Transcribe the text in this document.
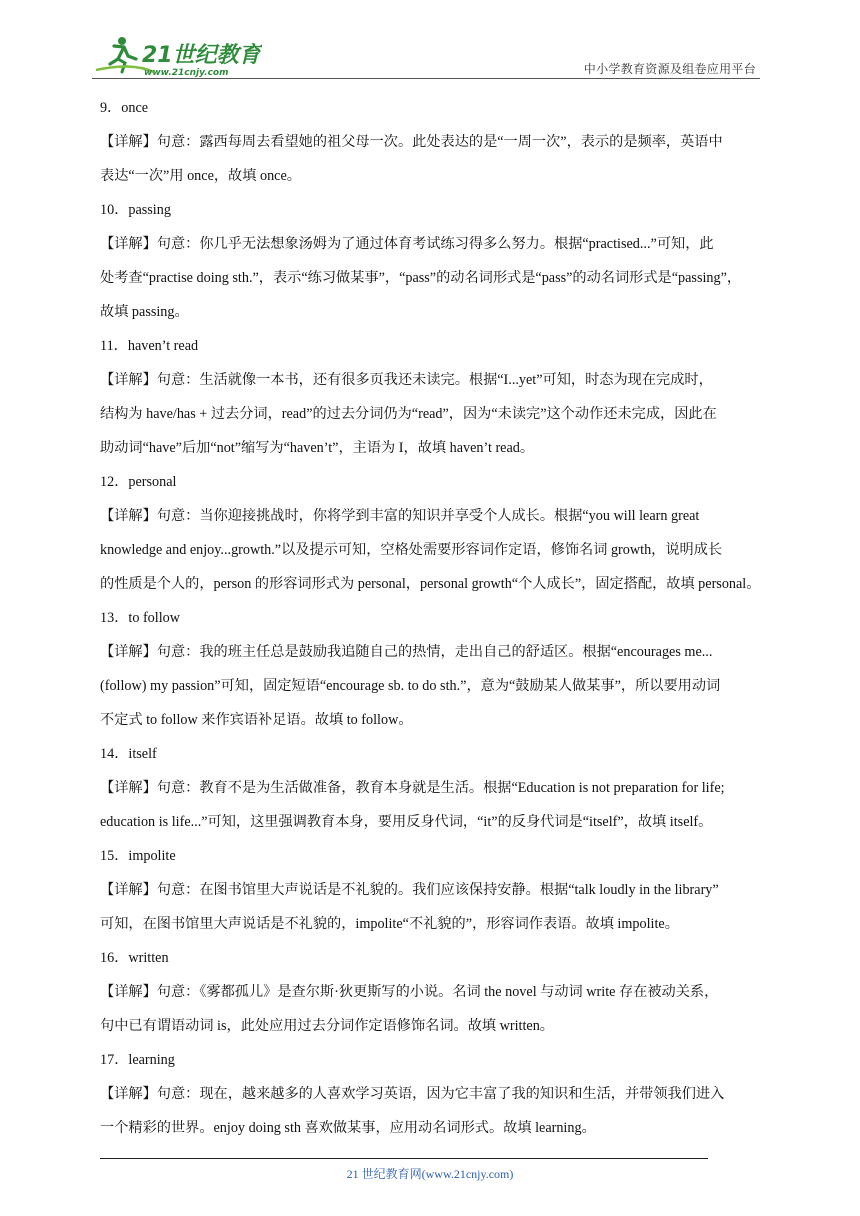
21世纪教育
www.21cnjy.com	中小学教育资源及组卷应用平台
9．once
【详解】句意：露西每周去看望她的祖父母一次。此处表达的是“一周一次”，表示的是频率，英语中
表达“一次”用 once，故填 once。
10．passing
【详解】句意：你几乎无法想象汤姆为了通过体育考试练习得多么努力。根据“practised...”可知，此
处考查“practise doing sth.”，表示“练习做某事”，“pass”的动名词形式是“pass”的动名词形式是“passing”，
故填 passing。
11．haven’t read
【详解】句意：生活就像一本书，还有很多页我还未读完。根据“I...yet”可知，时态为现在完成时，
结构为 have/has + 过去分词，read”的过去分词仍为“read”，因为“未读完”这个动作还未完成，因此在
助动词“have”后加“not”缩写为“haven’t”，主语为 I，故填 haven’t read。
12．personal
【详解】句意：当你迎接挑战时，你将学到丰富的知识并享受个人成长。根据“you will learn great
knowledge and enjoy...growth.”以及提示可知，空格处需要形容词作定语，修饰名词 growth，说明成长
的性质是个人的，person 的形容词形式为 personal，personal growth“个人成长”，固定搭配，故填 personal。
13．to follow
【详解】句意：我的班主任总是鼓励我追随自己的热情，走出自己的舒适区。根据“encourages me...
(follow) my passion”可知，固定短语“encourage sb. to do sth.”，意为“鼓励某人做某事”，所以要用动词
不定式 to follow 来作宾语补足语。故填 to follow。
14．itself
【详解】句意：教育不是为生活做准备，教育本身就是生活。根据“Education is not preparation for life;
education is life...”可知，这里强调教育本身，要用反身代词，“it”的反身代词是“itself”，故填 itself。
15．impolite
【详解】句意：在图书馆里大声说话是不礼貌的。我们应该保持安静。根据“talk loudly in the library”
可知，在图书馆里大声说话是不礼貌的，impolite“不礼貌的”，形容词作表语。故填 impolite。
16．written
【详解】句意：《雾都孤儿》是查尔斯·狄更斯写的小说。名词 the novel 与动词 write 存在被动关系，
句中已有谓语动词 is，此处应用过去分词作定语修饰名词。故填 written。
17．learning
【详解】句意：现在，越来越多的人喜欢学习英语，因为它丰富了我的知识和生活，并带领我们进入
一个精彩的世界。enjoy doing sth 喜欢做某事，应用动名词形式。故填 learning。
21 世纪教育网(www.21cnjy.com)
